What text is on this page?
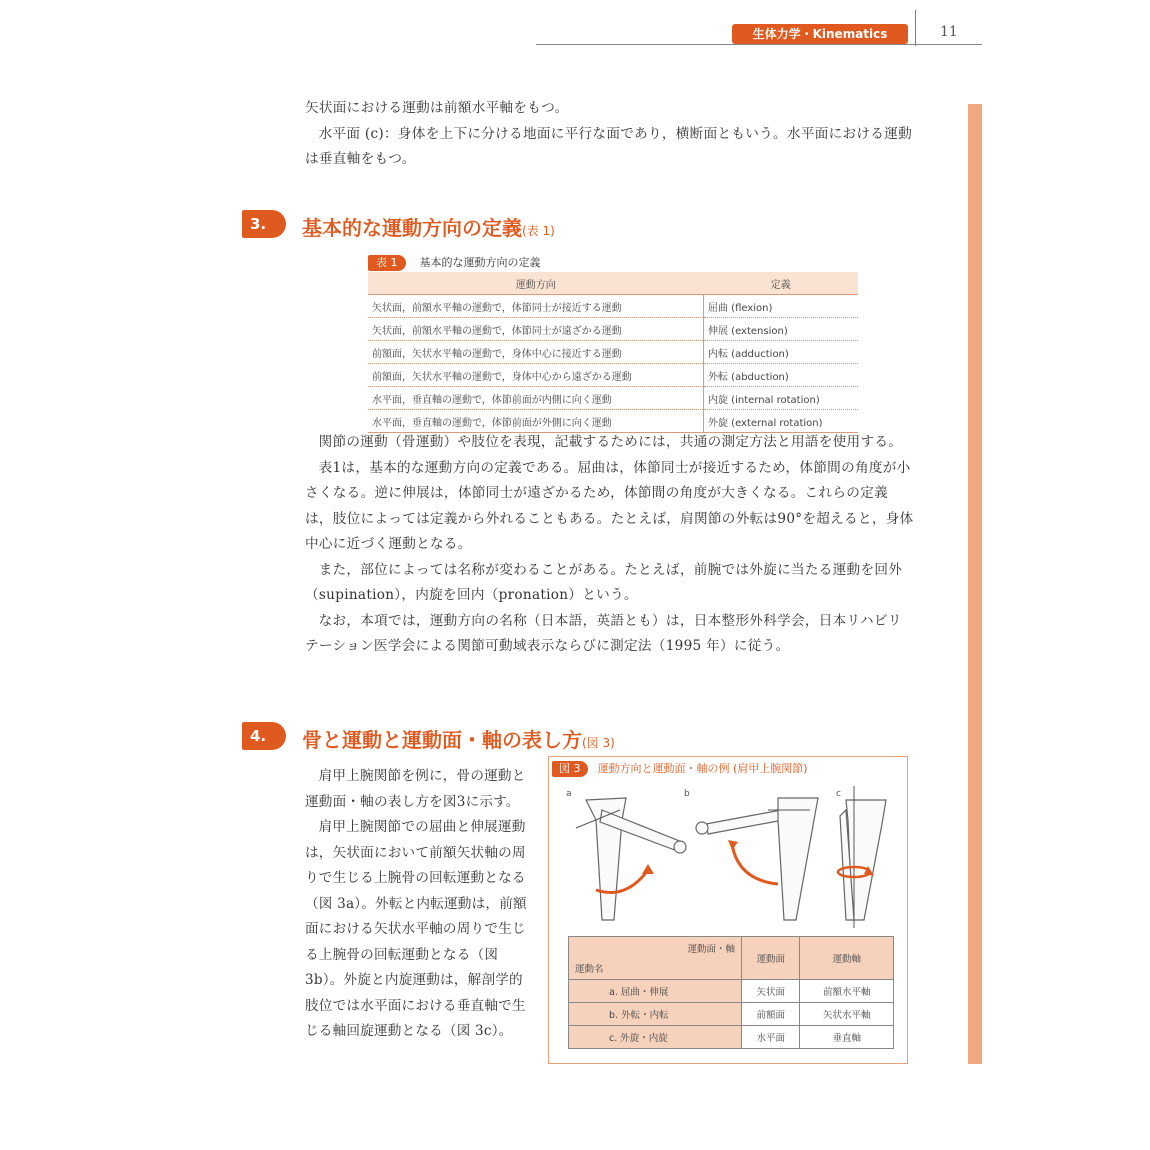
生体力学・Kinematics	11

矢状面における運動は前額水平軸をもつ。

水平面 (c)：身体を上下に分ける地面に平行な面であり，横断面ともいう。水平面における運動は垂直軸をもつ。

3.	基本的な運動方向の定義(表 1)
表 1 基本的な運動方向の定義
運動方向	定義
矢状面，前額水平軸の運動で，体節同士が接近する運動	屈曲 (flexion)
矢状面，前額水平軸の運動で，体節同士が遠ざかる運動	伸展 (extension)
前額面，矢状水平軸の運動で，身体中心に接近する運動	内転 (adduction)
前額面，矢状水平軸の運動で，身体中心から遠ざかる運動	外転 (abduction)
水平面，垂直軸の運動で，体節前面が内側に向く運動	内旋 (internal rotation)
水平面，垂直軸の運動で，体節前面が外側に向く運動	外旋 (external rotation)

関節の運動（骨運動）や肢位を表現，記載するためには，共通の測定方法と用語を使用する。

表1は，基本的な運動方向の定義である。屈曲は，体節同士が接近するため，体節間の角度が小さくなる。逆に伸展は，体節同士が遠ざかるため，体節間の角度が大きくなる。これらの定義は，肢位によっては定義から外れることもある。たとえば，肩関節の外転は90°を超えると，身体中心に近づく運動となる。

また，部位によっては名称が変わることがある。たとえば，前腕では外旋に当たる運動を回外（supination），内旋を回内（pronation）という。

なお，本項では，運動方向の名称（日本語，英語とも）は，日本整形外科学会，日本リハビリテーション医学会による関節可動域表示ならびに測定法（1995 年）に従う。

4.	骨と運動と運動面・軸の表し方(図 3)

肩甲上腕関節を例に，骨の運動と運動面・軸の表し方を図3に示す。

肩甲上腕関節での屈曲と伸展運動は，矢状面において前額矢状軸の周りで生じる上腕骨の回転運動となる（図 3a）。外転と内転運動は，前額面における矢状水平軸の周りで生じる上腕骨の回転運動となる（図 3b）。外旋と内旋運動は，解剖学的肢位では水平面における垂直軸で生じる軸回旋運動となる（図 3c）。

図 3 運動方向と運動面・軸の例 (肩甲上腕関節)
a	b	c
運動面・軸
運動名	運動面	運動軸
a. 屈曲・伸展	矢状面	前額水平軸
b. 外転・内転	前額面	矢状水平軸
c. 外旋・内旋	水平面	垂直軸
